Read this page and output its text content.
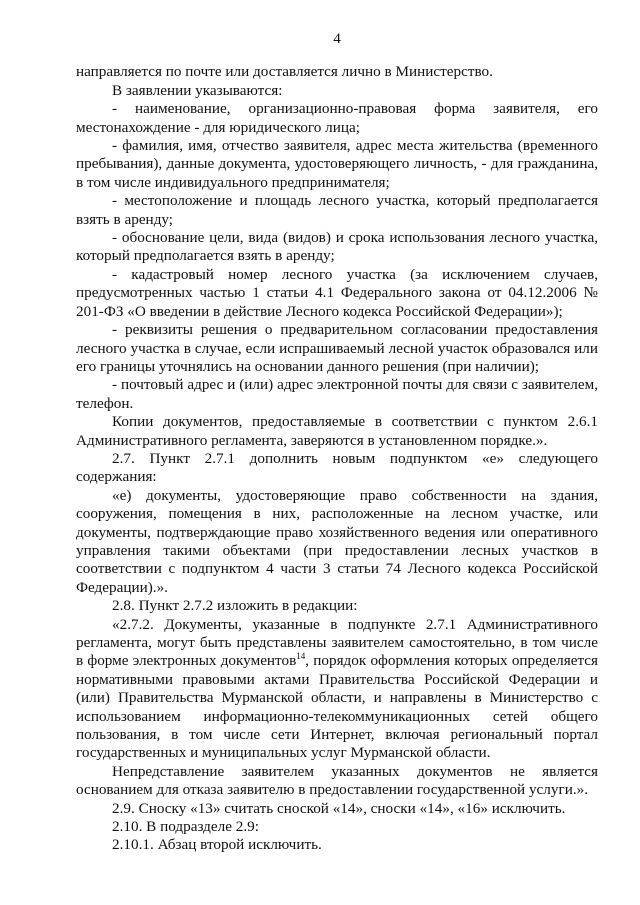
4

направляется по почте или доставляется лично в Министерство.

В заявлении указываются:

- наименование, организационно-правовая форма заявителя, его местонахождение - для юридического лица;

- фамилия, имя, отчество заявителя, адрес места жительства (временного пребывания), данные документа, удостоверяющего личность, - для гражданина, в том числе индивидуального предпринимателя;

- местоположение и площадь лесного участка, который предполагается взять в аренду;

- обоснование цели, вида (видов) и срока использования лесного участка, который предполагается взять в аренду;

- кадастровый номер лесного участка (за исключением случаев, предусмотренных частью 1 статьи 4.1 Федерального закона от 04.12.2006 № 201-ФЗ «О введении в действие Лесного кодекса Российской Федерации»);

- реквизиты решения о предварительном согласовании предоставления лесного участка в случае, если испрашиваемый лесной участок образовался или его границы уточнялись на основании данного решения (при наличии);

- почтовый адрес и (или) адрес электронной почты для связи с заявителем, телефон.

Копии документов, предоставляемые в соответствии с пунктом 2.6.1 Административного регламента, заверяются в установленном порядке.».

2.7. Пункт 2.7.1 дополнить новым подпунктом «е» следующего содержания:

«е) документы, удостоверяющие право собственности на здания, сооружения, помещения в них, расположенные на лесном участке, или документы, подтверждающие право хозяйственного ведения или оперативного управления такими объектами (при предоставлении лесных участков в соответствии с подпунктом 4 части 3 статьи 74 Лесного кодекса Российской Федерации).».

2.8. Пункт 2.7.2 изложить в редакции:

«2.7.2. Документы, указанные в подпункте 2.7.1 Административного регламента, могут быть представлены заявителем самостоятельно, в том числе в форме электронных документов$^{14}$, порядок оформления которых определяется нормативными правовыми актами Правительства Российской Федерации и (или) Правительства Мурманской области, и направлены в Министерство с использованием информационно-телекоммуникационных сетей общего пользования, в том числе сети Интернет, включая региональный портал государственных и муниципальных услуг Мурманской области.

Непредставление заявителем указанных документов не является основанием для отказа заявителю в предоставлении государственной услуги.».

2.9. Сноску «13» считать сноской «14», сноски «14», «16» исключить.

2.10. В подразделе 2.9:

2.10.1. Абзац второй исключить.
